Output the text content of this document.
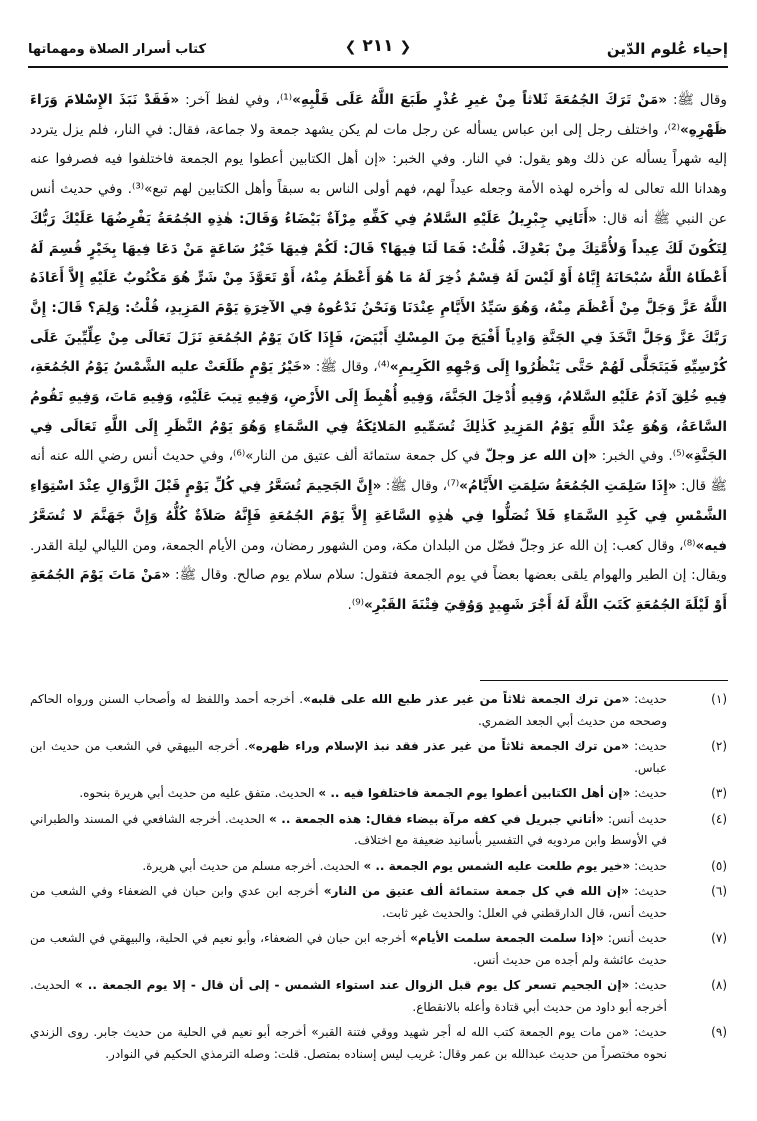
إحياء عُلوم الدّين
❮ ٢١١ ❯
كتاب أسرار الصلاة ومهماتها

وقال ﷺ: «مَنْ تَرَكَ الجُمُعَةَ ثَلاثاً مِنْ غيرِ عُذْرٍ طَبَعَ اللَّهُ عَلَى قَلْبِهِ»⁽¹⁾، وفي لفظ آخر: «فَقَدْ نَبَذَ الإِسْلامَ وَرَاءَ ظَهْرِهِ»⁽²⁾، واختلف رجل إلى ابن عباس يسأله عن رجل مات لم يكن يشهد جمعة ولا جماعة، فقال: في النار، فلم يزل يتردد إليه شهراً يسأله عن ذلك وهو يقول: في النار. وفي الخبر: «إن أهل الكتابين أعطوا يوم الجمعة فاختلفوا فيه فصرفوا عنه وهدانا الله تعالى له وأخره لهذه الأمة وجعله عيداً لهم، فهم أولى الناس به سبقاً وأهل الكتابين لهم تبع»⁽³⁾. وفي حديث أنس عن النبي ﷺ أنه قال: «أَتَانِي جِبْرِيلُ عَلَيْهِ السَّلامُ فِي كَفِّهِ مِرْآةٌ بَيْضَاءُ وَقَالَ: هٰذِهِ الجُمُعَةُ يَفْرِضُهَا عَلَيْكَ رَبُّكَ لِتَكُونَ لَكَ عِيداً وَلأُمَّتِكَ مِنْ بَعْدِكَ. قُلْتُ: فَمَا لَنَا فِيهَا؟ قَالَ: لَكُمْ فِيهَا خَيْرُ سَاعَةٍ مَنْ دَعَا فِيهَا بِخَيْرٍ قُسِمَ لَهُ أَعْطَاهُ اللَّهُ سُبْحَانَهُ إِيَّاهُ أَوْ لَيْسَ لَهُ قِسْمٌ ذُخِرَ لَهُ مَا هُوَ أَعْظَمُ مِنْهُ، أَوْ تَعَوَّذَ مِنْ شَرٍّ هُوَ مَكْتُوبٌ عَلَيْهِ إِلاَّ أَعَاذَهُ اللَّهُ عَزَّ وَجَلَّ مِنْ أَعْظَمَ مِنْهُ، وَهُوَ سَيِّدُ الأَيَّامِ عِنْدَنَا وَنَحْنُ نَدْعُوهُ فِي الآخِرَةِ يَوْمَ المَزِيدِ، قُلْتُ: وَلِمَ؟ قَالَ: إِنَّ رَبَّكَ عَزَّ وَجَلَّ اتَّخَذَ فِي الجَنَّةِ وَادِياً أَفْيَحَ مِنَ المِسْكِ أَبْيَضَ، فَإِذَا كَانَ يَوْمُ الجُمُعَةِ نَزَلَ تَعَالَى مِنْ عِلِّيِّينَ عَلَى كُرْسِيِّهِ فَيَتَجَلَّى لَهُمْ حَتَّى يَنْظُرُوا إِلَى وَجْهِهِ الكَرِيمِ»⁽⁴⁾، وقال ﷺ: «خَيْرُ يَوْمٍ طَلَعَتْ عليه الشَّمْسُ يَوْمُ الجُمُعَةِ، فِيهِ خُلِقَ آدَمُ عَلَيْهِ السَّلامُ، وَفِيهِ أُدْخِلَ الجَنَّةَ، وَفِيهِ أُهْبِطَ إِلَى الأَرْضِ، وَفِيهِ تِيبَ عَلَيْهِ، وَفِيهِ مَاتَ، وَفِيهِ تَقُومُ السَّاعَةُ، وَهُوَ عِنْدَ اللَّهِ يَوْمُ المَزِيدِ كَذٰلِكَ تُسَمِّيهِ المَلائِكَةُ فِي السَّمَاءِ وَهُوَ يَوْمُ النَّظَرِ إِلَى اللَّهِ تَعَالَى فِي الجَنَّةِ»⁽⁵⁾. وفي الخبر: «إن الله عز وجلّ في كل جمعة ستمائة ألف عتيق من النار»⁽⁶⁾، وفي حديث أنس رضي الله عنه أنه ﷺ قال: «إِذَا سَلِمَتِ الجُمُعَةُ سَلِمَتِ الأَيَّامُ»⁽⁷⁾، وقال ﷺ: «إِنَّ الجَحِيمَ تُسَعَّرُ فِي كُلِّ يَوْمٍ قَبْلَ الزَّوَالِ عِنْدَ اسْتِوَاءِ الشَّمْسِ فِي كَبِدِ السَّمَاءِ فَلاَ تُصَلُّوا فِي هٰذِهِ السَّاعَةِ إِلاَّ يَوْمَ الجُمُعَةِ فَإِنَّهُ صَلاَةٌ كُلُّهُ وَإِنَّ جَهَنَّمَ لا تُسَعَّرُ فيه»⁽⁸⁾، وقال كعب: إن الله عز وجلّ فضّل من البلدان مكة، ومن الشهور رمضان، ومن الأيام الجمعة، ومن الليالي ليلة القدر. ويقال: إن الطير والهوام يلقى بعضها بعضاً في يوم الجمعة فتقول: سلام سلام يوم صالح. وقال ﷺ: «مَنْ مَاتَ يَوْمَ الجُمُعَةِ أَوْ لَيْلَةَ الجُمُعَةِ كَتَبَ اللَّهُ لَهُ أَجْرَ شَهِيدٍ وَوُقِيَ فِتْنَةَ القَبْرِ»⁽⁹⁾.

(١)
حديث: «من ترك الجمعة ثلاثاً من غير عذر طبع الله على قلبه». أخرجه أحمد واللفظ له وأصحاب السنن ورواه الحاكم وصححه من حديث أبي الجعد الضمري.
(٢)
حديث: «من ترك الجمعة ثلاثاً من غير عذر فقد نبذ الإسلام وراء ظهره». أخرجه البيهقي في الشعب من حديث ابن عباس.
(٣)
حديث: «إن أهل الكتابين أعطوا يوم الجمعة فاختلفوا فيه .. » الحديث. متفق عليه من حديث أبي هريرة بنحوه.
(٤)
حديث أنس: «أتاني جبريل في كفه مرآة بيضاء فقال: هذه الجمعة .. » الحديث. أخرجه الشافعي في المسند والطبراني في الأوسط وابن مردويه في التفسير بأسانيد ضعيفة مع اختلاف.
(٥)
حديث: «خير يوم طلعت عليه الشمس يوم الجمعة .. » الحديث. أخرجه مسلم من حديث أبي هريرة.
(٦)
حديث: «إن الله في كل جمعة ستمائة ألف عتيق من النار» أخرجه ابن عدي وابن حبان في الضعفاء وفي الشعب من حديث أنس، قال الدارقطني في العلل: والحديث غير ثابت.
(٧)
حديث أنس: «إذا سلمت الجمعة سلمت الأيام» أخرجه ابن حبان في الضعفاء، وأبو نعيم في الحلية، والبيهقي في الشعب من حديث عائشة ولم أجده من حديث أنس.
(٨)
حديث: «إن الجحيم تسعر كل يوم قبل الزوال عند استواء الشمس - إلى أن قال - إلا يوم الجمعة .. » الحديث. أخرجه أبو داود من حديث أبي قتادة وأعله بالانقطاع.
(٩)
حديث: «من مات يوم الجمعة كتب الله له أجر شهيد ووقي فتنة القبر» أخرجه أبو نعيم في الحلية من حديث جابر. روى الزندي نحوه مختصراً من حديث عبدالله بن عمر وقال: غريب ليس إسناده بمتصل. قلت: وصله الترمذي الحكيم في النوادر.
